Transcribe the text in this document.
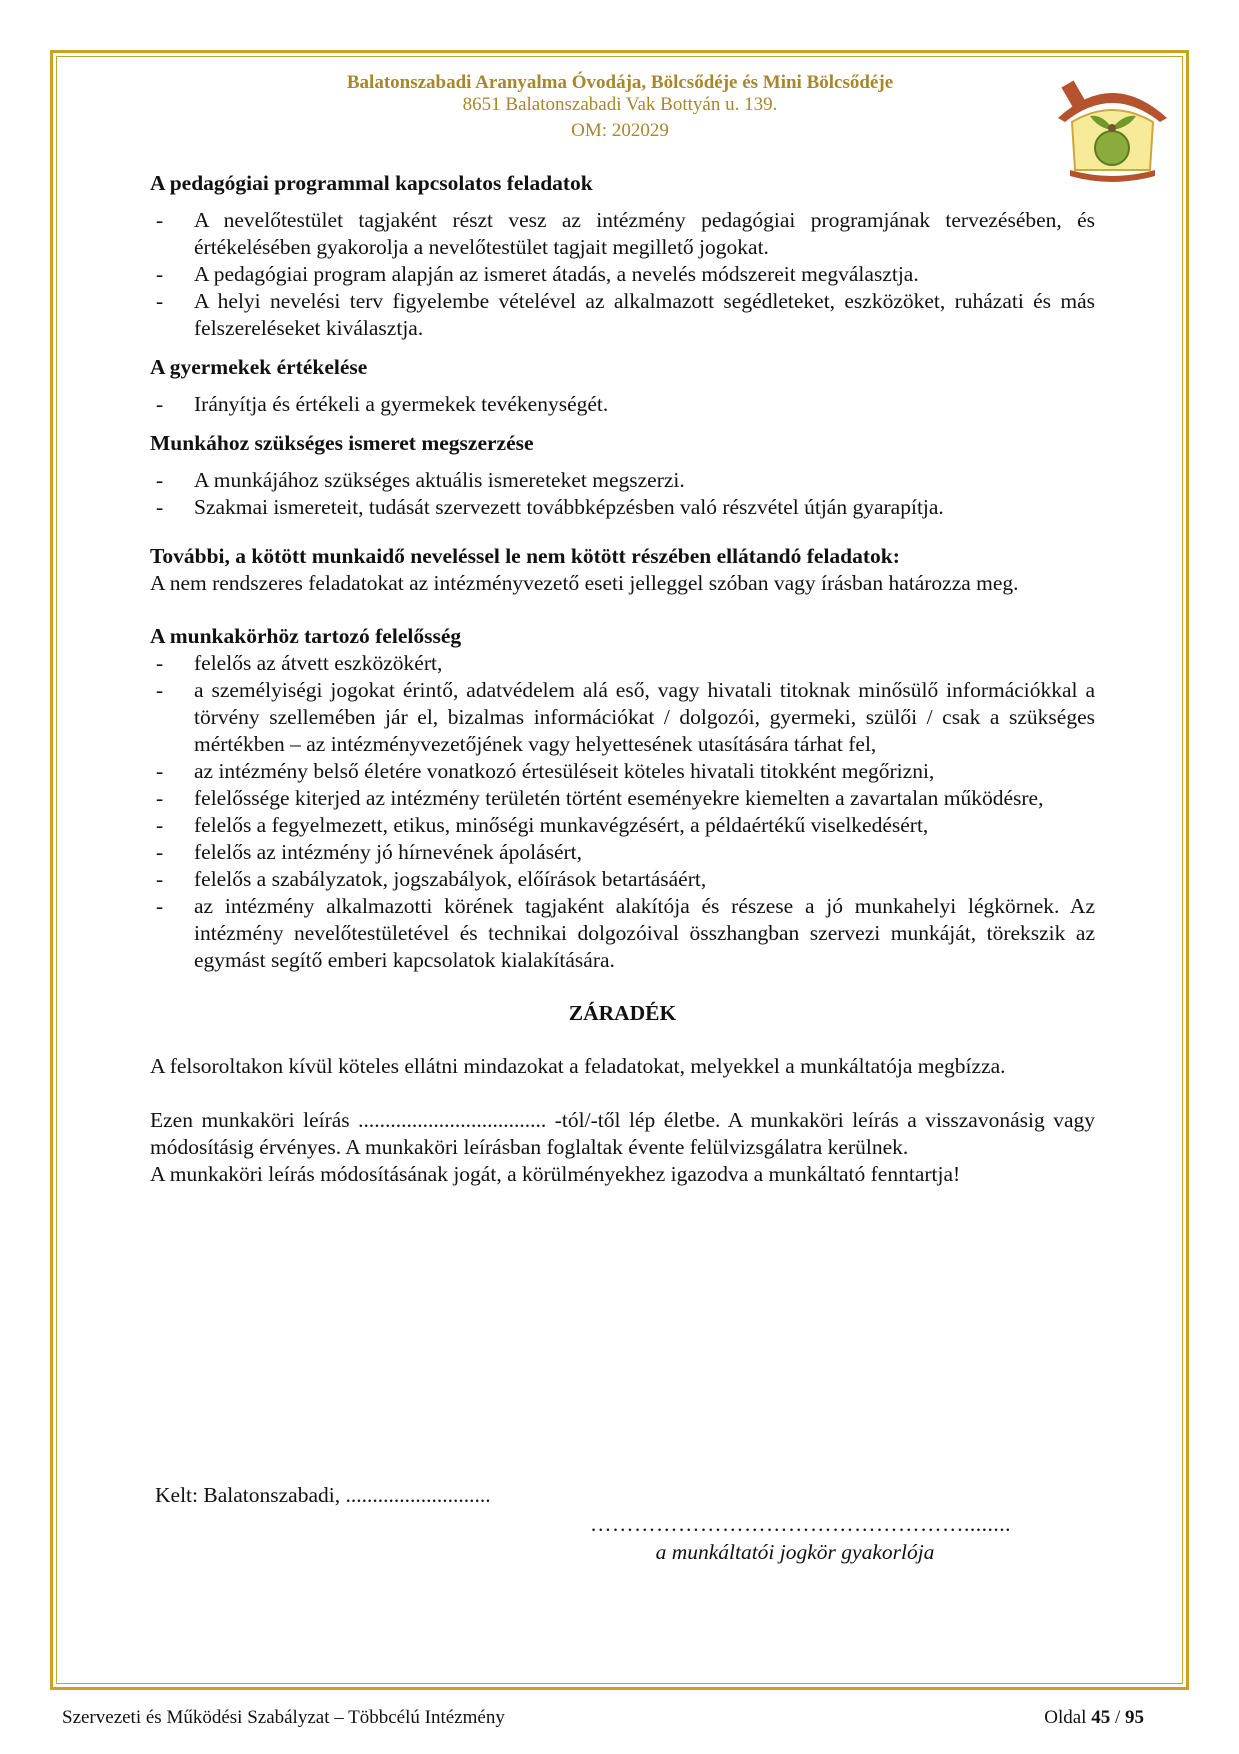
Balatonszabadi Aranyalma Óvodája, Bölcsődéje és Mini Bölcsődéje
8651 Balatonszabadi Vak Bottyán u. 139.
OM: 202029
A pedagógiai programmal kapcsolatos feladatok
- A nevelőtestület tagjaként részt vesz az intézmény pedagógiai programjának tervezésében, és értékelésében gyakorolja a nevelőtestület tagjait megillető jogokat.
- A pedagógiai program alapján az ismeret átadás, a nevelés módszereit megválasztja.
- A helyi nevelési terv figyelembe vételével az alkalmazott segédleteket, eszközöket, ruházati és más felszereléseket kiválasztja.
A gyermekek értékelése
- Irányítja és értékeli a gyermekek tevékenységét.
Munkához szükséges ismeret megszerzése
- A munkájához szükséges aktuális ismereteket megszerzi.
- Szakmai ismereteit, tudását szervezett továbbképzésben való részvétel útján gyarapítja.
További, a kötött munkaidő neveléssel le nem kötött részében ellátandó feladatok:

A nem rendszeres feladatokat az intézményvezető eseti jelleggel szóban vagy írásban határozza meg.

A munkakörhöz tartozó felelősség
- felelős az átvett eszközökért,
- a személyiségi jogokat érintő, adatvédelem alá eső, vagy hivatali titoknak minősülő információkkal a törvény szellemében jár el, bizalmas információkat / dolgozói, gyermeki, szülői / csak a szükséges mértékben – az intézményvezetőjének vagy helyettesének utasítására tárhat fel,
- az intézmény belső életére vonatkozó értesüléseit köteles hivatali titokként megőrizni,
- felelőssége kiterjed az intézmény területén történt eseményekre kiemelten a zavartalan működésre,
- felelős a fegyelmezett, etikus, minőségi munkavégzésért, a példaértékű viselkedésért,
- felelős az intézmény jó hírnevének ápolásért,
- felelős a szabályzatok, jogszabályok, előírások betartásáért,
- az intézmény alkalmazotti körének tagjaként alakítója és részese a jó munkahelyi légkörnek. Az intézmény nevelőtestületével és technikai dolgozóival összhangban szervezi munkáját, törekszik az egymást segítő emberi kapcsolatok kialakítására.
ZÁRADÉK

A felsoroltakon kívül köteles ellátni mindazokat a feladatokat, melyekkel a munkáltatója megbízza.

Ezen munkaköri leírás ................................... -tól/-től lép életbe. A munkaköri leírás a visszavonásig vagy módosításig érvényes. A munkaköri leírásban foglaltak évente felülvizsgálatra kerülnek.

A munkaköri leírás módosításának jogát, a körülményekhez igazodva a munkáltató fenntartja!

Kelt: Balatonszabadi, ...........................
……………………………………………........
a munkáltatói jogkör gyakorlója
Szervezeti és Működési Szabályzat – Többcélú Intézmény	Oldal 45 / 95
